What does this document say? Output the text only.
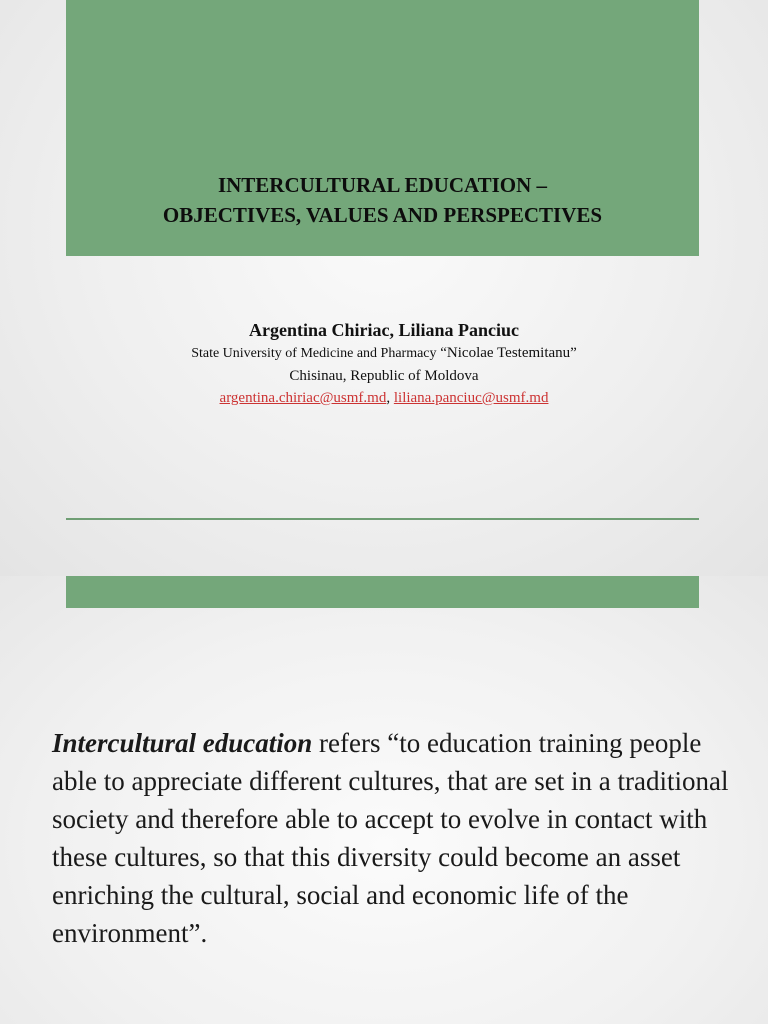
INTERCULTURAL EDUCATION –
OBJECTIVES, VALUES AND PERSPECTIVES
Argentina Chiriac, Liliana Panciuc
State University of Medicine and Pharmacy “Nicolae Testemitanu”
Chisinau, Republic of Moldova
argentina.chiriac@usmf.md, liliana.panciuc@usmf.md
Intercultural education refers “to education training people able to appreciate different cultures, that are set in a traditional society and therefore able to accept to evolve in contact with these cultures, so that this diversity could become an asset enriching the cultural, social and economic life of the environment”.
